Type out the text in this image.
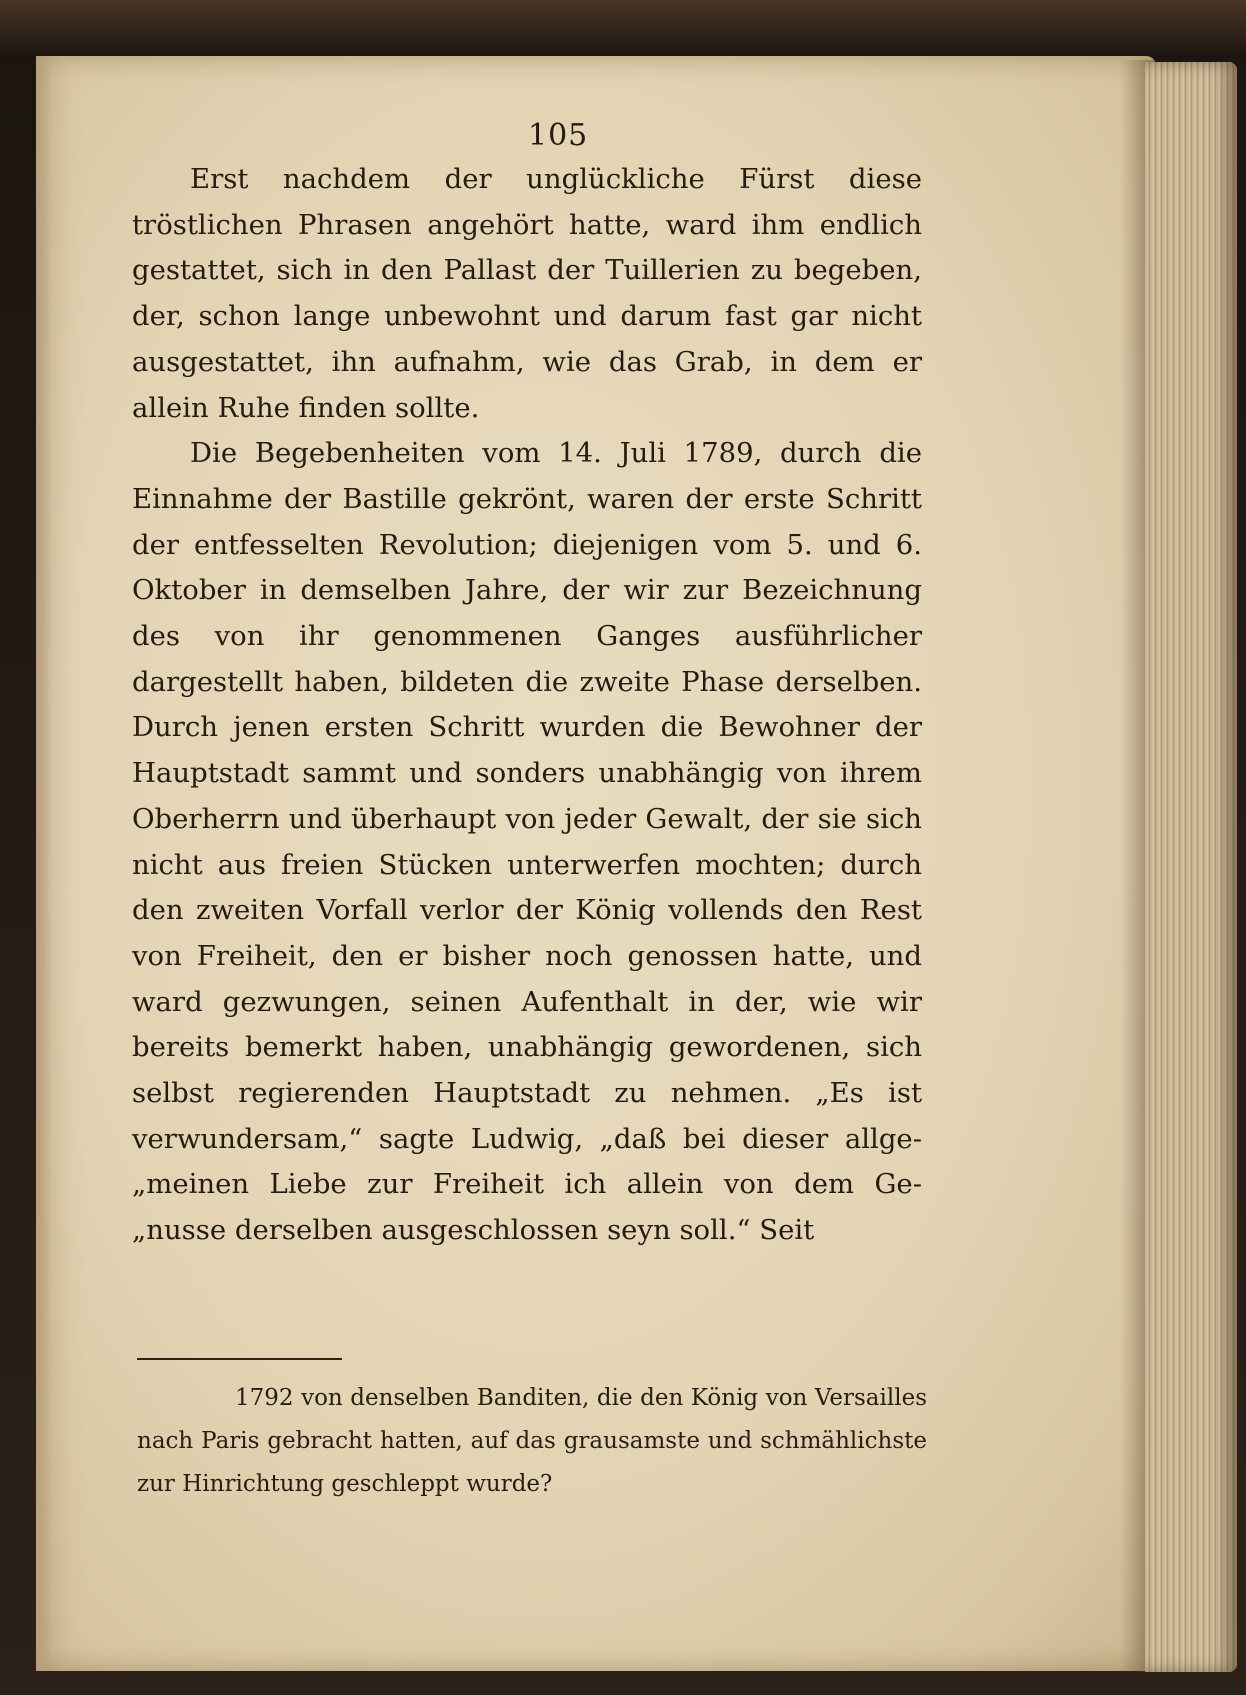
105

Erst nachdem der unglückliche Fürst diese tröstlichen Phrasen angehört hatte, ward ihm endlich gestattet, sich in den Pallast der Tuillerien zu begeben, der, schon lange unbewohnt und darum fast gar nicht ausgestattet, ihn aufnahm, wie das Grab, in dem er allein Ruhe finden sollte.

Die Begebenheiten vom 14. Juli 1789, durch die Einnahme der Bastille gekrönt, waren der erste Schritt der entfesselten Revolution; diejenigen vom 5. und 6. Oktober in demselben Jahre, der wir zur Bezeichnung des von ihr genommenen Ganges ausführlicher dargestellt haben, bildeten die zweite Phase derselben. Durch jenen ersten Schritt wurden die Bewohner der Hauptstadt sammt und sonders unabhängig von ihrem Oberherrn und überhaupt von jeder Gewalt, der sie sich nicht aus freien Stücken unterwerfen mochten; durch den zweiten Vorfall verlor der König vollends den Rest von Freiheit, den er bisher noch genossen hatte, und ward gezwungen, seinen Aufenthalt in der, wie wir bereits bemerkt haben, unabhängig gewordenen, sich selbst regierenden Hauptstadt zu nehmen. „Es ist verwundersam,“ sagte Ludwig, „daß bei dieser allge-„meinen Liebe zur Freiheit ich allein von dem Ge-„nusse derselben ausgeschlossen seyn soll.“ Seit

1792 von denselben Banditen, die den König von Versailles nach Paris gebracht hatten, auf das grausamste und schmählichste zur Hinrichtung geschleppt wurde?
